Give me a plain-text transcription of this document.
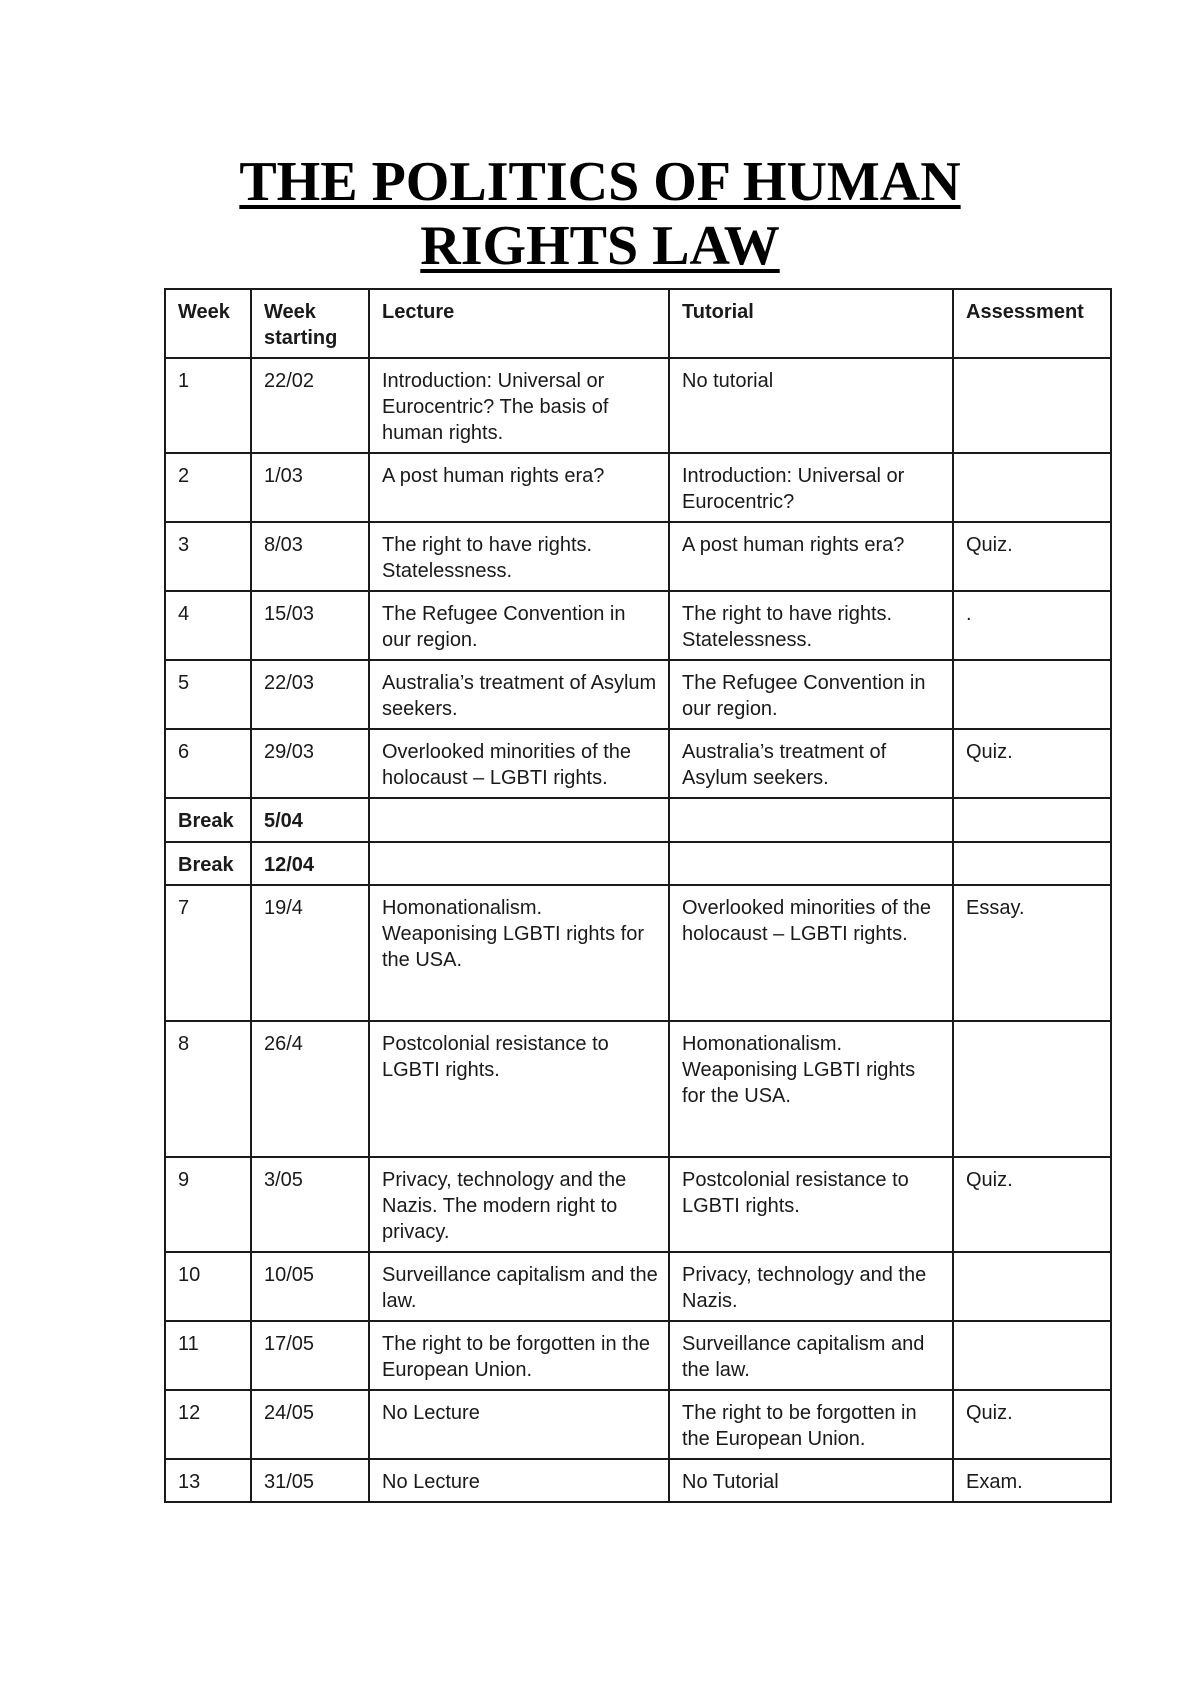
THE POLITICS OF HUMAN
RIGHTS LAW
Week	Week starting	Lecture	Tutorial	Assessment
1	22/02	Introduction: Universal or Eurocentric? The basis of human rights.	No tutorial	
2	1/03	A post human rights era?	Introduction: Universal or Eurocentric?	
3	8/03	The right to have rights. Statelessness.	A post human rights era?	Quiz.
4	15/03	The Refugee Convention in our region.	The right to have rights. Statelessness.	.
5	22/03	Australia’s treatment of Asylum seekers.	The Refugee Convention in our region.	
6	29/03	Overlooked minorities of the holocaust – LGBTI rights.	Australia’s treatment of Asylum seekers.	Quiz.
Break	5/04			
Break	12/04			
7	19/4	Homonationalism. Weaponising LGBTI rights for the USA.	Overlooked minorities of the holocaust – LGBTI rights.	Essay.
8	26/4	Postcolonial resistance to LGBTI rights.	Homonationalism. Weaponising LGBTI rights for the USA.	
9	3/05	Privacy, technology and the Nazis. The modern right to privacy.	Postcolonial resistance to LGBTI rights.	Quiz.
10	10/05	Surveillance capitalism and the law.	Privacy, technology and the Nazis.	
11	17/05	The right to be forgotten in the European Union.	Surveillance capitalism and the law.	
12	24/05	No Lecture	The right to be forgotten in the European Union.	Quiz.
13	31/05	No Lecture	No Tutorial	Exam.
